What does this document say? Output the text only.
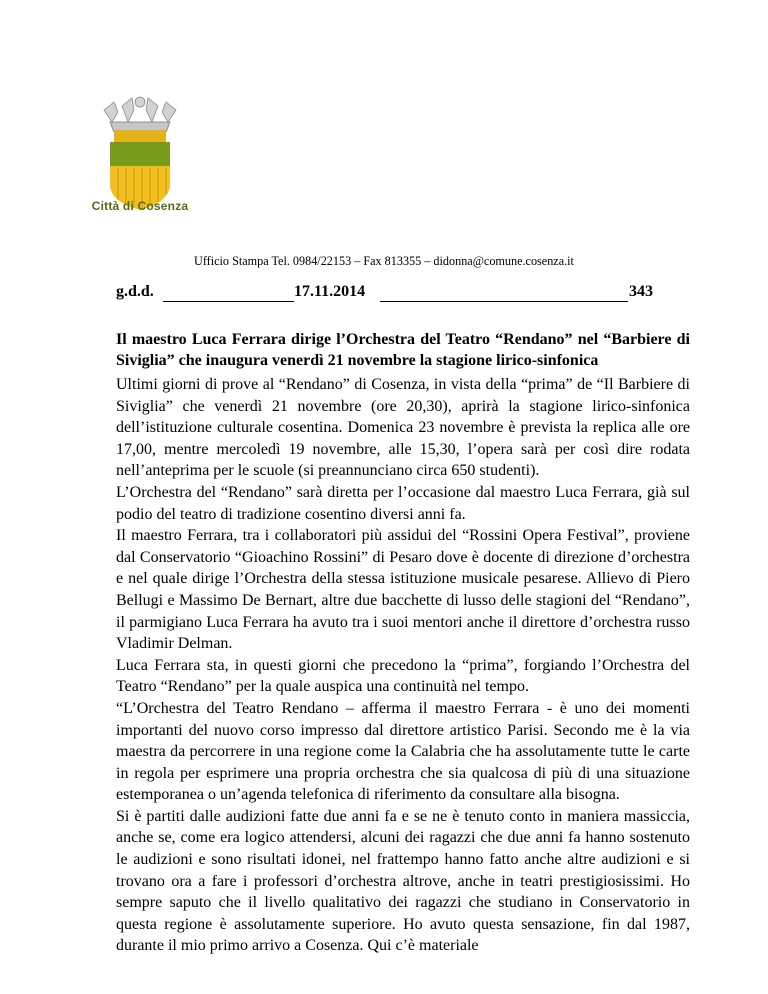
Città di Cosenza
Ufficio Stampa Tel. 0984/22153 – Fax 813355 – didonna@comune.cosenza.it
g.d.d.	17.11.2014	343
Il maestro Luca Ferrara dirige l’Orchestra del Teatro “Rendano” nel “Barbiere di Siviglia” che inaugura venerdì 21 novembre la stagione lirico-sinfonica

Ultimi giorni di prove al “Rendano” di Cosenza, in vista della “prima” de “Il Barbiere di Siviglia” che venerdì 21 novembre (ore 20,30), aprirà la stagione lirico-sinfonica dell’istituzione culturale cosentina. Domenica 23 novembre è prevista la replica alle ore 17,00, mentre mercoledì 19 novembre, alle 15,30, l’opera sarà per così dire rodata nell’anteprima per le scuole (si preannunciano circa 650 studenti).

L’Orchestra del “Rendano” sarà diretta per l’occasione dal maestro Luca Ferrara, già sul podio del teatro di tradizione cosentino diversi anni fa.

Il maestro Ferrara, tra i collaboratori più assidui del “Rossini Opera Festival”, proviene dal Conservatorio “Gioachino Rossini” di Pesaro dove è docente di direzione d’orchestra e nel quale dirige l’Orchestra della stessa istituzione musicale pesarese. Allievo di Piero Bellugi e Massimo De Bernart, altre due bacchette di lusso delle stagioni del “Rendano”, il parmigiano Luca Ferrara ha avuto tra i suoi mentori anche il direttore d’orchestra russo Vladimir Delman.

Luca Ferrara sta, in questi giorni che precedono la “prima”, forgiando l’Orchestra del Teatro “Rendano” per la quale auspica una continuità nel tempo.

“L’Orchestra del Teatro Rendano – afferma il maestro Ferrara - è uno dei momenti importanti del nuovo corso impresso dal direttore artistico Parisi. Secondo me è la via maestra da percorrere in una regione come la Calabria che ha assolutamente tutte le carte in regola per esprimere una propria orchestra che sia qualcosa di più di una situazione estemporanea o un’agenda telefonica di riferimento da consultare alla bisogna.

Si è partiti dalle audizioni fatte due anni fa e se ne è tenuto conto in maniera massiccia, anche se, come era logico attendersi, alcuni dei ragazzi che due anni fa hanno sostenuto le audizioni e sono risultati idonei, nel frattempo hanno fatto anche altre audizioni e si trovano ora a fare i professori d’orchestra altrove, anche in teatri prestigiosissimi. Ho sempre saputo che il livello qualitativo dei ragazzi che studiano in Conservatorio in questa regione è assolutamente superiore. Ho avuto questa sensazione, fin dal 1987, durante il mio primo arrivo a Cosenza. Qui c’è materiale
